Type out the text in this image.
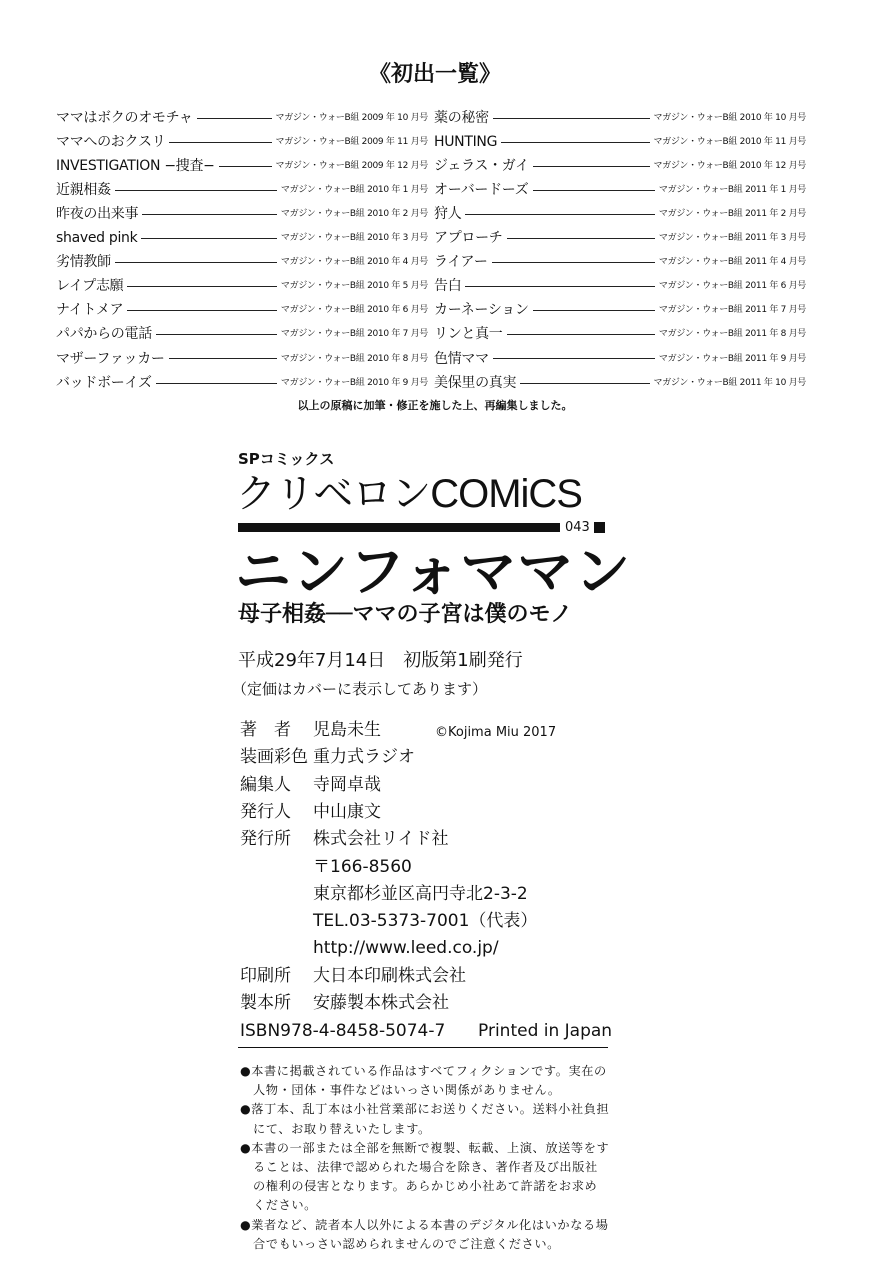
《初出一覧》
ママはボクのオモチャ	マガジン・ウォーB組 2009 年 10 月号
ママへのおクスリ	マガジン・ウォーB組 2009 年 11 月号
INVESTIGATION −捜査−	マガジン・ウォーB組 2009 年 12 月号
近親相姦	マガジン・ウォーB組 2010 年 1 月号
昨夜の出来事	マガジン・ウォーB組 2010 年 2 月号
shaved pink	マガジン・ウォーB組 2010 年 3 月号
劣情教師	マガジン・ウォーB組 2010 年 4 月号
レイプ志願	マガジン・ウォーB組 2010 年 5 月号
ナイトメア	マガジン・ウォーB組 2010 年 6 月号
パパからの電話	マガジン・ウォーB組 2010 年 7 月号
マザーファッカー	マガジン・ウォーB組 2010 年 8 月号
バッドボーイズ	マガジン・ウォーB組 2010 年 9 月号
薬の秘密	マガジン・ウォーB組 2010 年 10 月号
HUNTING	マガジン・ウォーB組 2010 年 11 月号
ジェラス・ガイ	マガジン・ウォーB組 2010 年 12 月号
オーバードーズ	マガジン・ウォーB組 2011 年 1 月号
狩人	マガジン・ウォーB組 2011 年 2 月号
アプローチ	マガジン・ウォーB組 2011 年 3 月号
ライアー	マガジン・ウォーB組 2011 年 4 月号
告白	マガジン・ウォーB組 2011 年 6 月号
カーネーション	マガジン・ウォーB組 2011 年 7 月号
リンと真一	マガジン・ウォーB組 2011 年 8 月号
色情ママ	マガジン・ウォーB組 2011 年 9 月号
美保里の真実	マガジン・ウォーB組 2011 年 10 月号
以上の原稿に加筆・修正を施した上、再編集しました。
SPコミックス
クリベロンCOMiCS
043
ニンフォママン
母子相姦──ママの子宮は僕のモノ
平成29年7月14日　初版第1刷発行
（定価はカバーに表示してあります）
©Kojima Miu 2017
著　者 児島未生
装画彩色 重力式ラジオ
編集人 寺岡卓哉
発行人 中山康文
発行所 株式会社リイド社
〒166-8560
東京都杉並区高円寺北2-3-2
TEL.03-5373-7001（代表）
http://www.leed.co.jp/
印刷所 大日本印刷株式会社
製本所 安藤製本株式会社
ISBN978-4-8458-5074-7 Printed in Japan
●本書に掲載されている作品はすべてフィクションです。実在の人物・団体・事件などはいっさい関係がありません。
●落丁本、乱丁本は小社営業部にお送りください。送料小社負担にて、お取り替えいたします。
●本書の一部または全部を無断で複製、転載、上演、放送等をすることは、法律で認められた場合を除き、著作者及び出版社の権利の侵害となります。あらかじめ小社あて許諾をお求めください。
●業者など、読者本人以外による本書のデジタル化はいかなる場合でもいっさい認められませんのでご注意ください。
